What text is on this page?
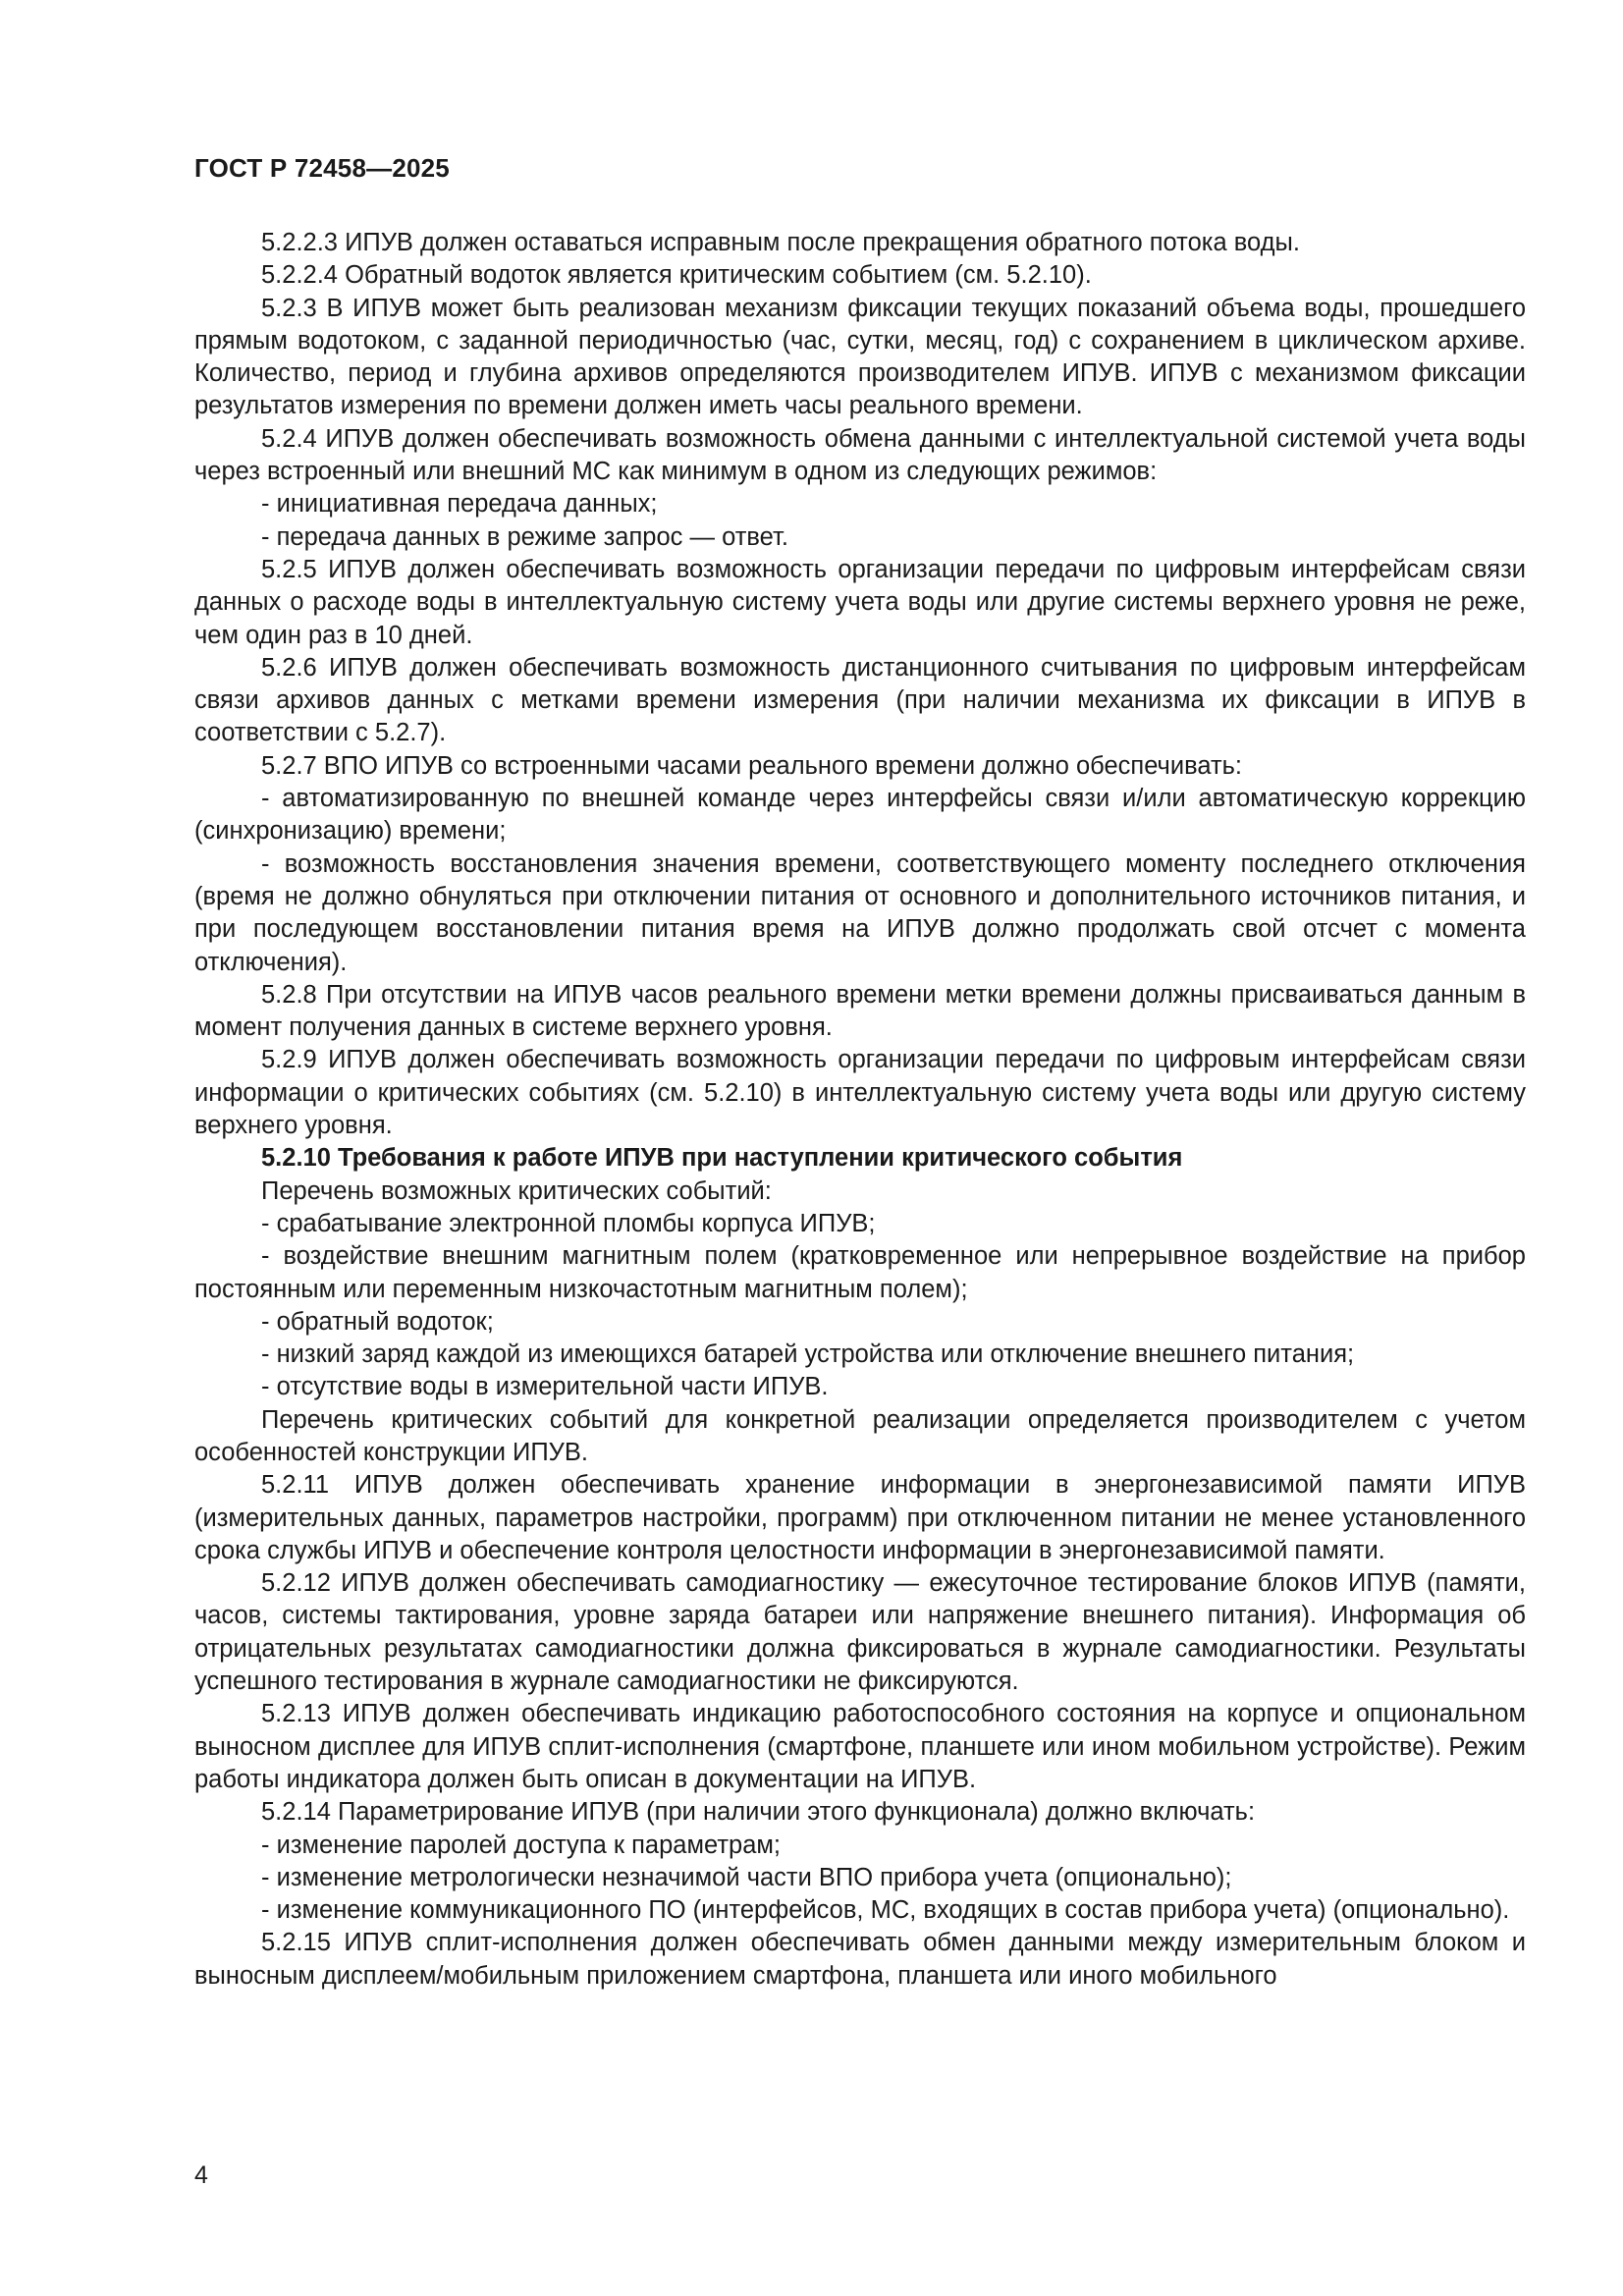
ГОСТ Р 72458—2025

5.2.2.3 ИПУВ должен оставаться исправным после прекращения обратного потока воды.

5.2.2.4 Обратный водоток является критическим событием (см. 5.2.10).

5.2.3 В ИПУВ может быть реализован механизм фиксации текущих показаний объема воды, прошедшего прямым водотоком, с заданной периодичностью (час, сутки, месяц, год) с сохранением в циклическом архиве. Количество, период и глубина архивов определяются производителем ИПУВ. ИПУВ с механизмом фиксации результатов измерения по времени должен иметь часы реального времени.

5.2.4 ИПУВ должен обеспечивать возможность обмена данными с интеллектуальной системой учета воды через встроенный или внешний МС как минимум в одном из следующих режимов:

- инициативная передача данных;

- передача данных в режиме запрос — ответ.

5.2.5 ИПУВ должен обеспечивать возможность организации передачи по цифровым интерфейсам связи данных о расходе воды в интеллектуальную систему учета воды или другие системы верхнего уровня не реже, чем один раз в 10 дней.

5.2.6 ИПУВ должен обеспечивать возможность дистанционного считывания по цифровым интерфейсам связи архивов данных с метками времени измерения (при наличии механизма их фиксации в ИПУВ в соответствии с 5.2.7).

5.2.7 ВПО ИПУВ со встроенными часами реального времени должно обеспечивать:

- автоматизированную по внешней команде через интерфейсы связи и/или автоматическую коррекцию (синхронизацию) времени;

- возможность восстановления значения времени, соответствующего моменту последнего отключения (время не должно обнуляться при отключении питания от основного и дополнительного источников питания, и при последующем восстановлении питания время на ИПУВ должно продолжать свой отсчет с момента отключения).

5.2.8 При отсутствии на ИПУВ часов реального времени метки времени должны присваиваться данным в момент получения данных в системе верхнего уровня.

5.2.9 ИПУВ должен обеспечивать возможность организации передачи по цифровым интерфейсам связи информации о критических событиях (см. 5.2.10) в интеллектуальную систему учета воды или другую систему верхнего уровня.

5.2.10 Требования к работе ИПУВ при наступлении критического события

Перечень возможных критических событий:

- срабатывание электронной пломбы корпуса ИПУВ;

- воздействие внешним магнитным полем (кратковременное или непрерывное воздействие на прибор постоянным или переменным низкочастотным магнитным полем);

- обратный водоток;

- низкий заряд каждой из имеющихся батарей устройства или отключение внешнего питания;

- отсутствие воды в измерительной части ИПУВ.

Перечень критических событий для конкретной реализации определяется производителем с учетом особенностей конструкции ИПУВ.

5.2.11 ИПУВ должен обеспечивать хранение информации в энергонезависимой памяти ИПУВ (измерительных данных, параметров настройки, программ) при отключенном питании не менее установленного срока службы ИПУВ и обеспечение контроля целостности информации в энергонезависимой памяти.

5.2.12 ИПУВ должен обеспечивать самодиагностику — ежесуточное тестирование блоков ИПУВ (памяти, часов, системы тактирования, уровне заряда батареи или напряжение внешнего питания). Информация об отрицательных результатах самодиагностики должна фиксироваться в журнале самодиагностики. Результаты успешного тестирования в журнале самодиагностики не фиксируются.

5.2.13 ИПУВ должен обеспечивать индикацию работоспособного состояния на корпусе и опциональном выносном дисплее для ИПУВ сплит-исполнения (смартфоне, планшете или ином мобильном устройстве). Режим работы индикатора должен быть описан в документации на ИПУВ.

5.2.14 Параметрирование ИПУВ (при наличии этого функционала) должно включать:

- изменение паролей доступа к параметрам;

- изменение метрологически незначимой части ВПО прибора учета (опционально);

- изменение коммуникационного ПО (интерфейсов, МС, входящих в состав прибора учета) (опционально).

5.2.15 ИПУВ сплит-исполнения должен обеспечивать обмен данными между измерительным блоком и выносным дисплеем/мобильным приложением смартфона, планшета или иного мобильного

4
